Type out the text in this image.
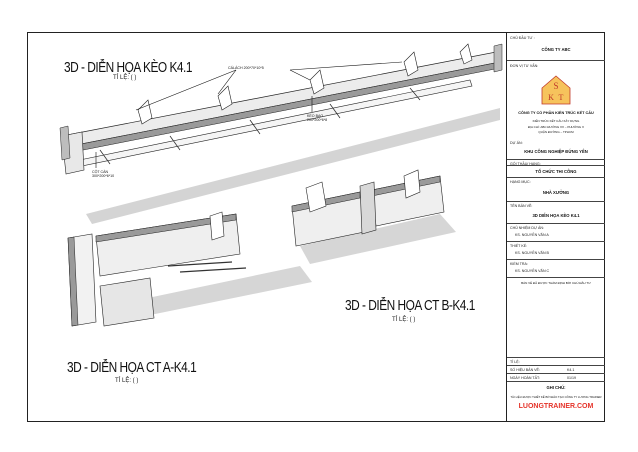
3D - DIỄN HỌA KÈO K4.1
TỈ LỆ: ( )
3D - DIỄN HỌA CT B-K4.1
TỈ LỆ: ( )
3D - DIỄN HỌA CT A-K4.1
TỈ LỆ: ( )
CÁLÁCH 200*70*10*5
KÉO BAO
200*200*6*8
CỘT CÀN
300*200*6*10
CHỦ ĐẦU TƯ :
CÔNG TY ABC
ĐƠN VỊ TƯ VẤN:
S
K T
CÔNG TY CỔ PHẦN KIẾN TRÚC KẾT CẤU
KIẾN TRÚC KẾT CẤU XÂY DỰNG
ĐỊA CHỈ: ABC ĐƯỜNG XX – PHƯỜNG X
QUẬN ĐƯỜNG – TPHCM
DỰ ÁN:
KHU CÔNG NGHIỆP ĐỨNG YÊN
GÓI THẦU/ HẠNG:
TỔ CHỨC THI CÔNG
HẠNG MỤC:
NHÀ XƯỞNG
TÊN BẢN VẼ:
3D DIỄN HỌA KÈO K4.1
CHỦ NHIỆM DỰ ÁN:
KS. NGUYỄN VĂN A
THIẾT KẾ:
KS. NGUYỄN VĂN B
KIỂM TRA:
KS. NGUYỄN VĂN C
BẢN VẼ ĐÃ ĐƯỢC THẨM ĐỊNH BỞI CHỦ ĐẦU TƯ
TỈ LỆ:
SỐ HIỆU BẢN VẼ:	K4.1
NGÀY HOÀN TẤT:	01/19
GHI CHÚ:
TÀI LIỆU ĐƯỢC THIẾT KẾ BỞI ĐÀO TẠO CÔNG TY LƯƠNG TRAINER
LUONGTRAINER.COM
